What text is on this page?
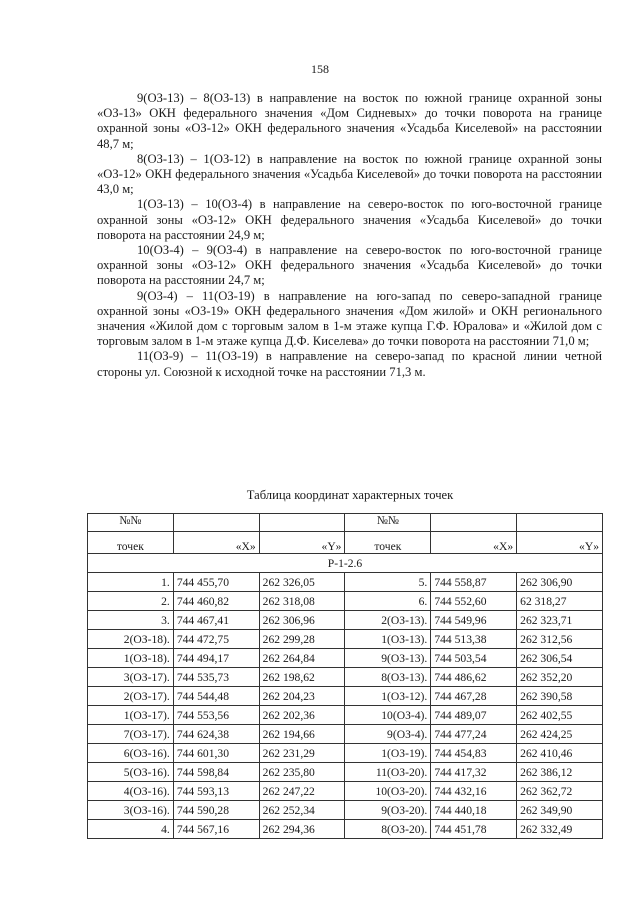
158

9(ОЗ-13) – 8(ОЗ-13) в направление на восток по южной границе охранной зоны «ОЗ-13» ОКН федерального значения «Дом Сидневых» до точки поворота на границе охранной зоны «ОЗ-12» ОКН федерального значения «Усадьба Киселевой» на расстоянии 48,7 м;

8(ОЗ-13) – 1(ОЗ-12) в направление на восток по южной границе охранной зоны «ОЗ-12» ОКН федерального значения «Усадьба Киселевой» до точки поворота на расстоянии 43,0 м;

1(ОЗ-13) – 10(ОЗ-4) в направление на северо-восток по юго-восточной границе охранной зоны «ОЗ-12» ОКН федерального значения «Усадьба Киселевой» до точки поворота на расстоянии 24,9 м;

10(ОЗ-4) – 9(ОЗ-4) в направление на северо-восток по юго-восточной границе охранной зоны «ОЗ-12» ОКН федерального значения «Усадьба Киселевой» до точки поворота на расстоянии 24,7 м;

9(ОЗ-4) – 11(ОЗ-19) в направление на юго-запад по северо-западной границе охранной зоны «ОЗ-19» ОКН федерального значения «Дом жилой» и ОКН регионального значения «Жилой дом с торговым залом в 1-м этаже купца Г.Ф. Юралова» и «Жилой дом с торговым залом в 1-м этаже купца Д.Ф. Киселева» до точки поворота на расстоянии 71,0 м;

11(ОЗ-9) – 11(ОЗ-19) в направление на северо-запад по красной линии четной стороны ул. Союзной к исходной точке на расстоянии 71,3 м.

Таблица координат характерных точек
№№			№№		
точек	«Х»	«Y»	точек	«Х»	«Y»
Р-1-2.6					
1.	744 455,70	262 326,05	5.	744 558,87	262 306,90
2.	744 460,82	262 318,08	6.	744 552,60	62 318,27
3.	744 467,41	262 306,96	2(ОЗ-13).	744 549,96	262 323,71
2(ОЗ-18).	744 472,75	262 299,28	1(ОЗ-13).	744 513,38	262 312,56
1(ОЗ-18).	744 494,17	262 264,84	9(ОЗ-13).	744 503,54	262 306,54
3(ОЗ-17).	744 535,73	262 198,62	8(ОЗ-13).	744 486,62	262 352,20
2(ОЗ-17).	744 544,48	262 204,23	1(ОЗ-12).	744 467,28	262 390,58
1(ОЗ-17).	744 553,56	262 202,36	10(ОЗ-4).	744 489,07	262 402,55
7(ОЗ-17).	744 624,38	262 194,66	9(ОЗ-4).	744 477,24	262 424,25
6(ОЗ-16).	744 601,30	262 231,29	1(ОЗ-19).	744 454,83	262 410,46
5(ОЗ-16).	744 598,84	262 235,80	11(ОЗ-20).	744 417,32	262 386,12
4(ОЗ-16).	744 593,13	262 247,22	10(ОЗ-20).	744 432,16	262 362,72
3(ОЗ-16).	744 590,28	262 252,34	9(ОЗ-20).	744 440,18	262 349,90
4.	744 567,16	262 294,36	8(ОЗ-20).	744 451,78	262 332,49
